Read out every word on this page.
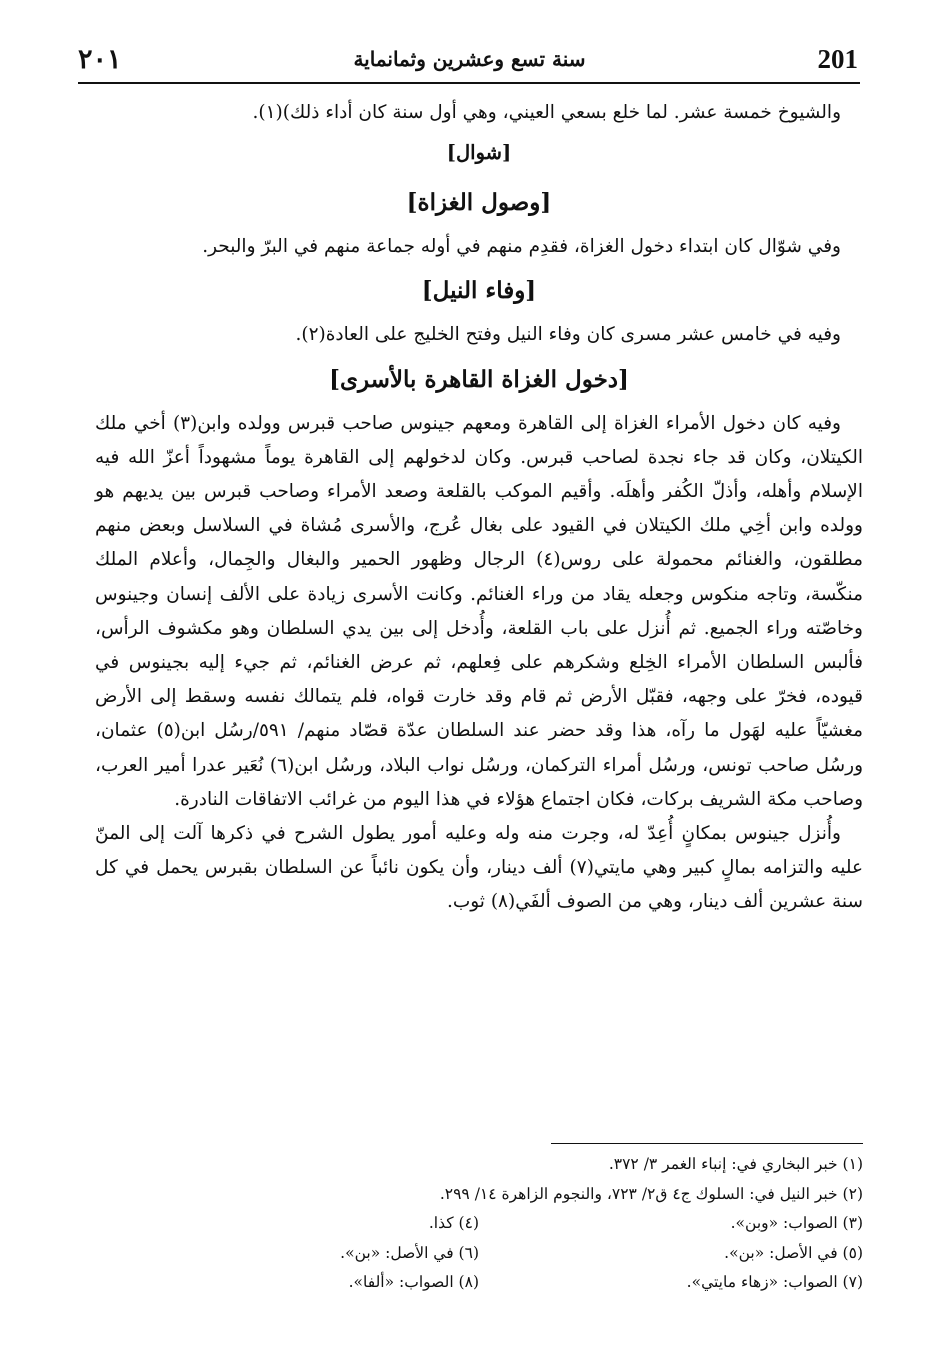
٢٠١	سنة تسع وعشرين وثمانماية	201

والشيوخ خمسة عشر. لما خلع بسعي العيني، وهي أول سنة كان أداء ذلك)(١).

[شوال]

[وصول الغزاة]

وفي شوّال كان ابتداء دخول الغزاة، فقدِم منهم في أوله جماعة منهم في البرّ والبحر.

[وفاء النيل]

وفيه في خامس عشر مسرى كان وفاء النيل وفتح الخليج على العادة(٢).

[دخول الغزاة القاهرة بالأسرى]

وفيه كان دخول الأمراء الغزاة إلى القاهرة ومعهم جينوس صاحب قبرس وولده وابن(٣) أخي ملك الكيتلان، وكان قد جاء نجدة لصاحب قبرس. وكان لدخولهم إلى القاهرة يوماً مشهوداً أعزّ الله فيه الإسلام وأهله، وأذلّ الكُفر وأهلَه. وأقيم الموكب بالقلعة وصعد الأمراء وصاحب قبرس بين يديهم هو وولده وابن أخِي ملك الكيتلان في القيود على بغال عُرج، والأسرى مُشاة في السلاسل وبعض منهم مطلقون، والغنائم محمولة على روس(٤) الرجال وظهور الحمير والبغال والجِمال، وأعلام الملك منكّسة، وتاجه منكوس وجعله يقاد من وراء الغنائم. وكانت الأسرى زيادة على الألف إنسان وجينوس وخاصّته وراء الجميع. ثم أُنزل على باب القلعة، وأُدخل إلى بين يدي السلطان وهو مكشوف الرأس، فألبس السلطان الأمراء الخِلع وشكرهم على فِعلهم، ثم عرض الغنائم، ثم جيء إليه بجينوس في قيوده، فخرّ على وجهه، فقبّل الأرض ثم قام وقد خارت قواه، فلم يتمالك نفسه وسقط إلى الأرض مغشيّاً عليه لهَول ما رآه، هذا وقد حضر عند السلطان عدّة قصّاد منهم/ ٥٩١/رسُل ابن(٥) عثمان، ورسُل صاحب تونس، ورسُل أمراء التركمان، ورسُل نواب البلاد، ورسُل ابن(٦) نُعَير عدرا أمير العرب، وصاحب مكة الشريف بركات، فكان اجتماع هؤلاء في هذا اليوم من غرائب الاتفاقات النادرة.

وأُنزل جينوس بمكانٍ أُعِدّ له، وجرت منه وله وعليه أمور يطول الشرح في ذكرها آلت إلى المنّ عليه والتزامه بمالٍ كبير وهي مايتي(٧) ألف دينار، وأن يكون نائباً عن السلطان بقبرس يحمل في كل سنة عشرين ألف دينار، وهي من الصوف ألفَي(٨) ثوب.

(١) خبر البخاري في: إنباء الغمر ٣/ ٣٧٢.
(٢) خبر النيل في: السلوك ج٤ ق٢/ ٧٢٣، والنجوم الزاهرة ١٤/ ٢٩٩.
(٣) الصواب: «وبن».
(٤) كذا.
(٥) في الأصل: «بن».
(٦) في الأصل: «بن».
(٧) الصواب: «زهاء مايتي».
(٨) الصواب: «ألفا».
